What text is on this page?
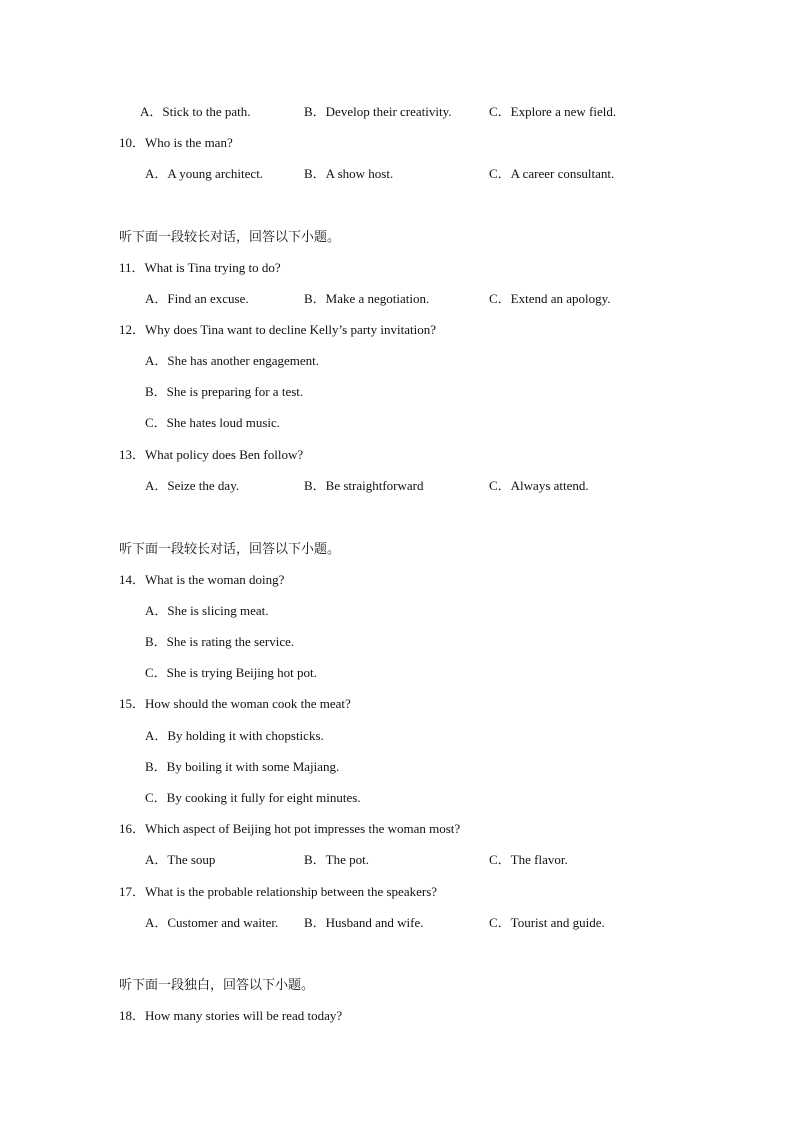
A．Stick to the path.	B．Develop their creativity.	C．Explore a new field.
10．Who is the man?
A．A young architect.	B．A show host.	C．A career consultant.
听下面一段较长对话，回答以下小题。
11．What is Tina trying to do?
A．Find an excuse.	B．Make a negotiation.	C．Extend an apology.
12．Why does Tina want to decline Kelly’s party invitation?
A．She has another engagement.
B．She is preparing for a test.
C．She hates loud music.
13．What policy does Ben follow?
A．Seize the day.	B．Be straightforward	C．Always attend.
听下面一段较长对话，回答以下小题。
14．What is the woman doing?
A．She is slicing meat.
B．She is rating the service.
C．She is trying Beijing hot pot.
15．How should the woman cook the meat?
A．By holding it with chopsticks.
B．By boiling it with some Majiang.
C．By cooking it fully for eight minutes.
16．Which aspect of Beijing hot pot impresses the woman most?
A．The soup	B．The pot.	C．The flavor.
17．What is the probable relationship between the speakers?
A．Customer and waiter. B．Husband and wife.	C．Tourist and guide.
听下面一段独白，回答以下小题。
18．How many stories will be read today?
